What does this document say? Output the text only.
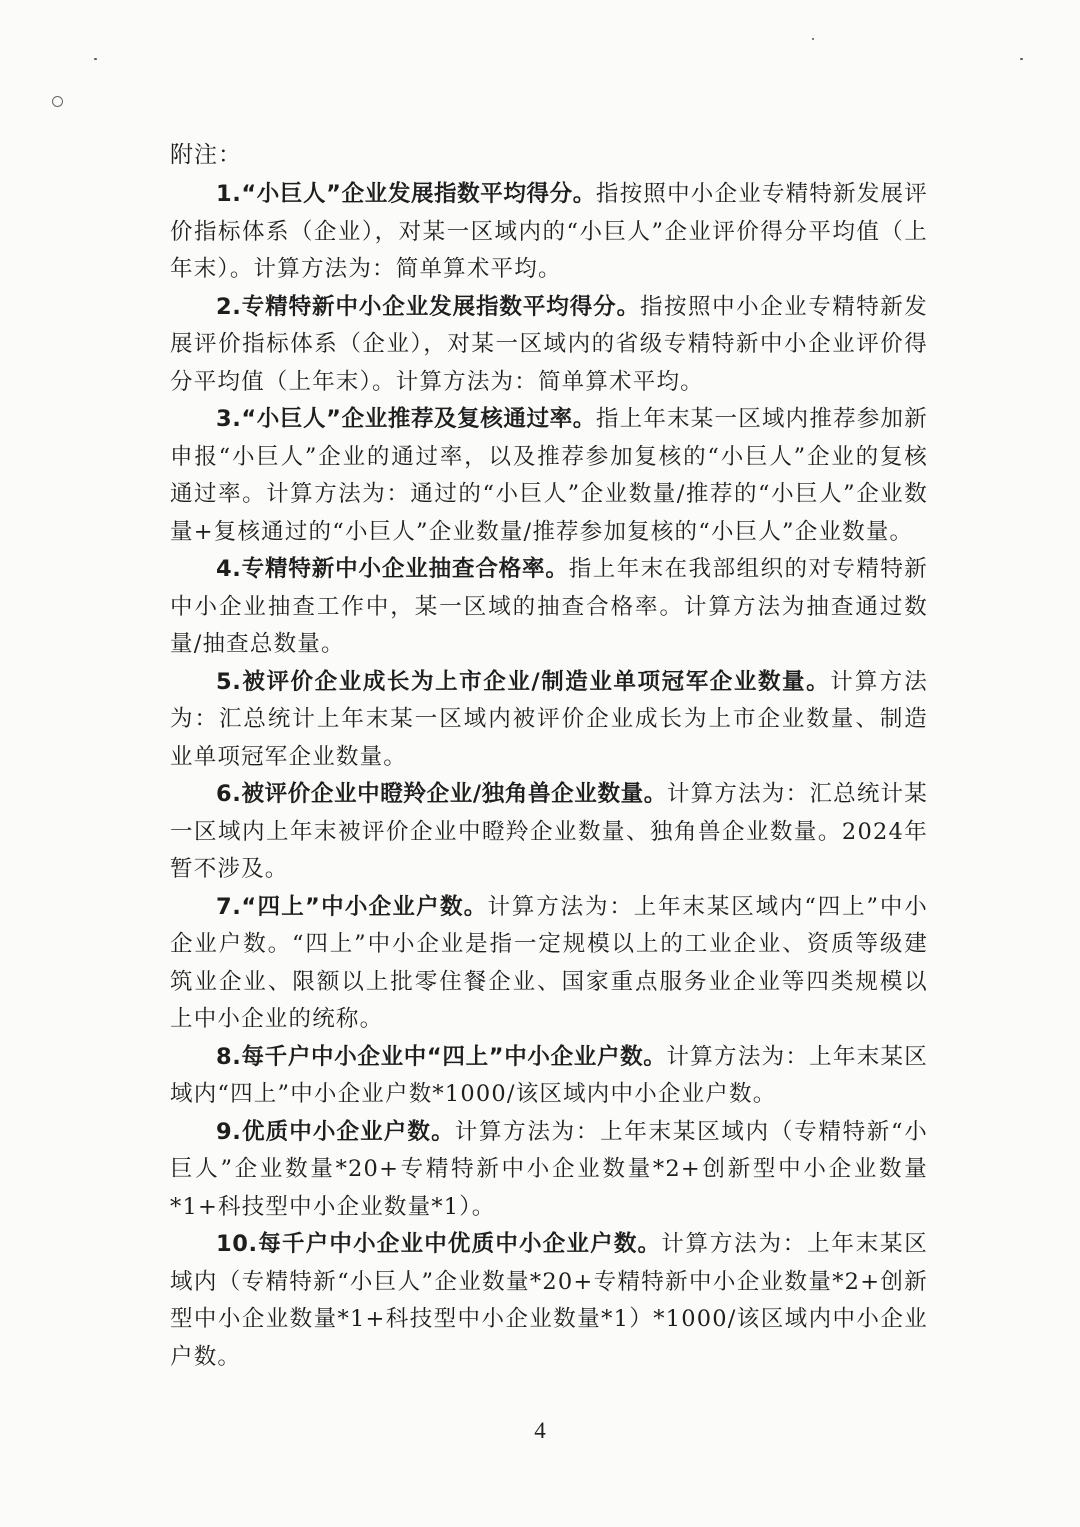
附注：

1.“小巨人”企业发展指数平均得分。指按照中小企业专精特新发展评价指标体系（企业），对某一区域内的“小巨人”企业评价得分平均值（上年末）。计算方法为：简单算术平均。

2.专精特新中小企业发展指数平均得分。指按照中小企业专精特新发展评价指标体系（企业），对某一区域内的省级专精特新中小企业评价得分平均值（上年末）。计算方法为：简单算术平均。

3.“小巨人”企业推荐及复核通过率。指上年末某一区域内推荐参加新申报“小巨人”企业的通过率，以及推荐参加复核的“小巨人”企业的复核通过率。计算方法为：通过的“小巨人”企业数量/推荐的“小巨人”企业数量+复核通过的“小巨人”企业数量/推荐参加复核的“小巨人”企业数量。

4.专精特新中小企业抽查合格率。指上年末在我部组织的对专精特新中小企业抽查工作中，某一区域的抽查合格率。计算方法为抽查通过数量/抽查总数量。

5.被评价企业成长为上市企业/制造业单项冠军企业数量。计算方法为：汇总统计上年末某一区域内被评价企业成长为上市企业数量、制造业单项冠军企业数量。

6.被评价企业中瞪羚企业/独角兽企业数量。计算方法为：汇总统计某一区域内上年末被评价企业中瞪羚企业数量、独角兽企业数量。2024年暂不涉及。

7.“四上”中小企业户数。计算方法为：上年末某区域内“四上”中小企业户数。“四上”中小企业是指一定规模以上的工业企业、资质等级建筑业企业、限额以上批零住餐企业、国家重点服务业企业等四类规模以上中小企业的统称。

8.每千户中小企业中“四上”中小企业户数。计算方法为：上年末某区域内“四上”中小企业户数*1000/该区域内中小企业户数。

9.优质中小企业户数。计算方法为：上年末某区域内（专精特新“小巨人”企业数量*20+专精特新中小企业数量*2+创新型中小企业数量*1+科技型中小企业数量*1）。

10.每千户中小企业中优质中小企业户数。计算方法为：上年末某区域内（专精特新“小巨人”企业数量*20+专精特新中小企业数量*2+创新型中小企业数量*1+科技型中小企业数量*1）*1000/该区域内中小企业户数。

4
